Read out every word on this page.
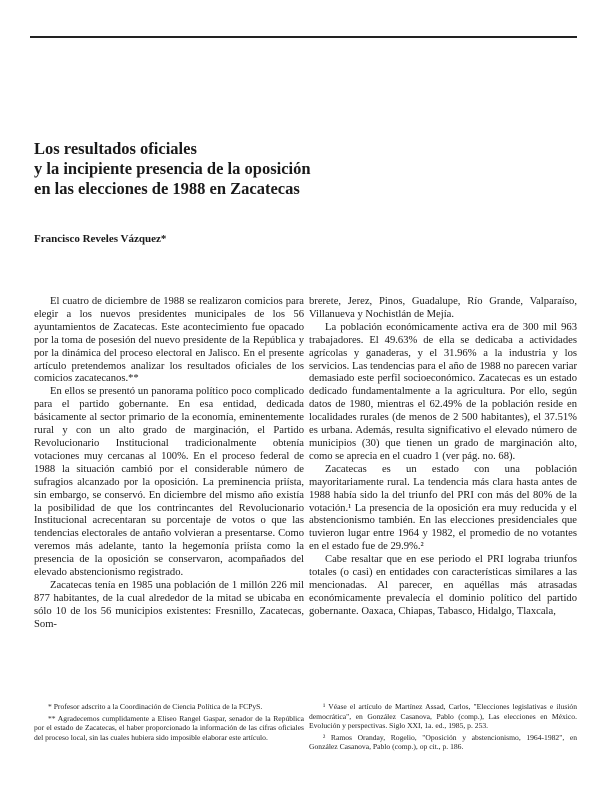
Los resultados oficiales
y la incipiente presencia de la oposición
en las elecciones de 1988 en Zacatecas
Francisco Reveles Vázquez*

El cuatro de diciembre de 1988 se realizaron comicios para elegir a los nuevos presidentes municipales de los 56 ayuntamientos de Zacatecas. Este acontecimiento fue opacado por la toma de posesión del nuevo presidente de la República y por la dinámica del proceso electoral en Jalisco. En el presente artículo pretendemos analizar los resultados oficiales de los comicios zacatecanos.**

En ellos se presentó un panorama político poco complicado para el partido gobernante. En esa entidad, dedicada básicamente al sector primario de la economía, eminentemente rural y con un alto grado de marginación, el Partido Revolucionario Institucional tradicionalmente obtenía votaciones muy cercanas al 100%. En el proceso federal de 1988 la situación cambió por el considerable número de sufragios alcanzado por la oposición. La preminencia priísta, sin embargo, se conservó. En diciembre del mismo año existía la posibilidad de que los contrincantes del Revolucionario Institucional acrecentaran su porcentaje de votos o que las tendencias electorales de antaño volvieran a presentarse. Como veremos más adelante, tanto la hegemonía priísta como la presencia de la oposición se conservaron, acompañados del elevado abstencionismo registrado.

Zacatecas tenía en 1985 una población de 1 millón 226 mil 877 habitantes, de la cual alrededor de la mitad se ubicaba en sólo 10 de los 56 municipios existentes: Fresnillo, Zacatecas, Som-

brerete, Jerez, Pinos, Guadalupe, Río Grande, Valparaíso, Villanueva y Nochistlán de Mejía.

La población económicamente activa era de 300 mil 963 trabajadores. El 49.63% de ella se dedicaba a actividades agrícolas y ganaderas, y el 31.96% a la industria y los servicios. Las tendencias para el año de 1988 no parecen variar demasiado este perfil socioeconómico. Zacatecas es un estado dedicado fundamentalmente a la agricultura. Por ello, según datos de 1980, mientras el 62.49% de la población reside en localidades rurales (de menos de 2 500 habitantes), el 37.51% es urbana. Además, resulta significativo el elevado número de municipios (30) que tienen un grado de marginación alto, como se aprecia en el cuadro 1 (ver pág. no. 68).

Zacatecas es un estado con una población mayoritariamente rural. La tendencia más clara hasta antes de 1988 había sido la del triunfo del PRI con más del 80% de la votación.¹ La presencia de la oposición era muy reducida y el abstencionismo también. En las elecciones presidenciales que tuvieron lugar entre 1964 y 1982, el promedio de no votantes en el estado fue de 29.9%.²

Cabe resaltar que en ese periodo el PRI lograba triunfos totales (o casi) en entidades con características similares a las mencionadas. Al parecer, en aquéllas más atrasadas económicamente prevalecía el dominio político del partido gobernante. Oaxaca, Chiapas, Tabasco, Hidalgo, Tlaxcala,

* Profesor adscrito a la Coordinación de Ciencia Política de la FCPyS.

** Agradecemos cumplidamente a Eliseo Rangel Gaspar, senador de la República por el estado de Zacatecas, el haber proporcionado la información de las cifras oficiales del proceso local, sin las cuales hubiera sido imposible elaborar este artículo.

¹ Véase el artículo de Martínez Assad, Carlos, "Elecciones legislativas e ilusión democrática", en González Casanova, Pablo (comp.), Las elecciones en México. Evolución y perspectivas. Siglo XXI, 1a. ed., 1985, p. 253.

² Ramos Oranday, Rogelio, "Oposición y abstencionismo, 1964-1982", en González Casanova, Pablo (comp.), op cit., p. 186.
